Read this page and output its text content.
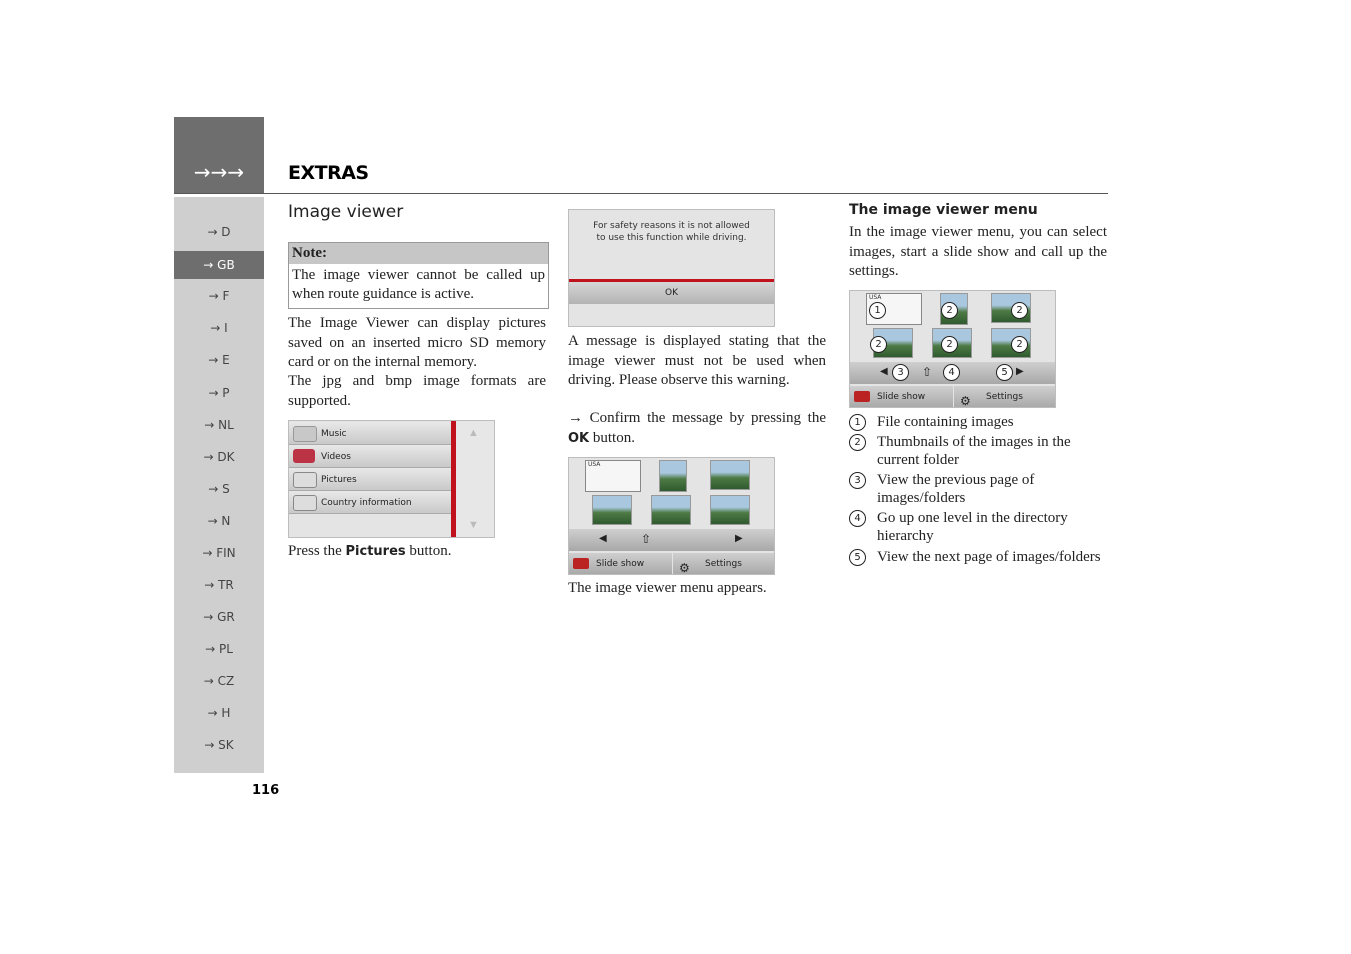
→→→	EXTRAS
→ D
→ GB
→ F
→ I
→ E
→ P
→ NL
→ DK
→ S
→ N
→ FIN
→ TR
→ GR
→ PL
→ CZ
→ H
→ SK
116
Image viewer
Note:
The image viewer cannot be called up when route guidance is active.
The Image Viewer can display pictures saved on an inserted micro SD memory card or on the internal memory.
The jpg and bmp image formats are supported.
Music
Videos
Pictures
Country information
▲
▼
Press the Pictures button.
For safety reasons it is not allowed
to use this function while driving.
OK
A message is displayed stating that the image viewer must not be used when driving. Please observe this warning.
→ Confirm the message by pressing the OK button.
USA
◀	⇧	▶
Slide show	⚙ Settings
The image viewer menu appears.
The image viewer menu
In the image viewer menu, you can select images, start a slide show and call up the settings.
USA
◀	⇧	▶
Slide show	⚙ Settings
1	2	2
2	2	2
3	4	5
1	File containing images
2	Thumbnails of the images in the current folder
3	View the previous page of images/folders
4	Go up one level in the directory hierarchy
5	View the next page of images/folders
